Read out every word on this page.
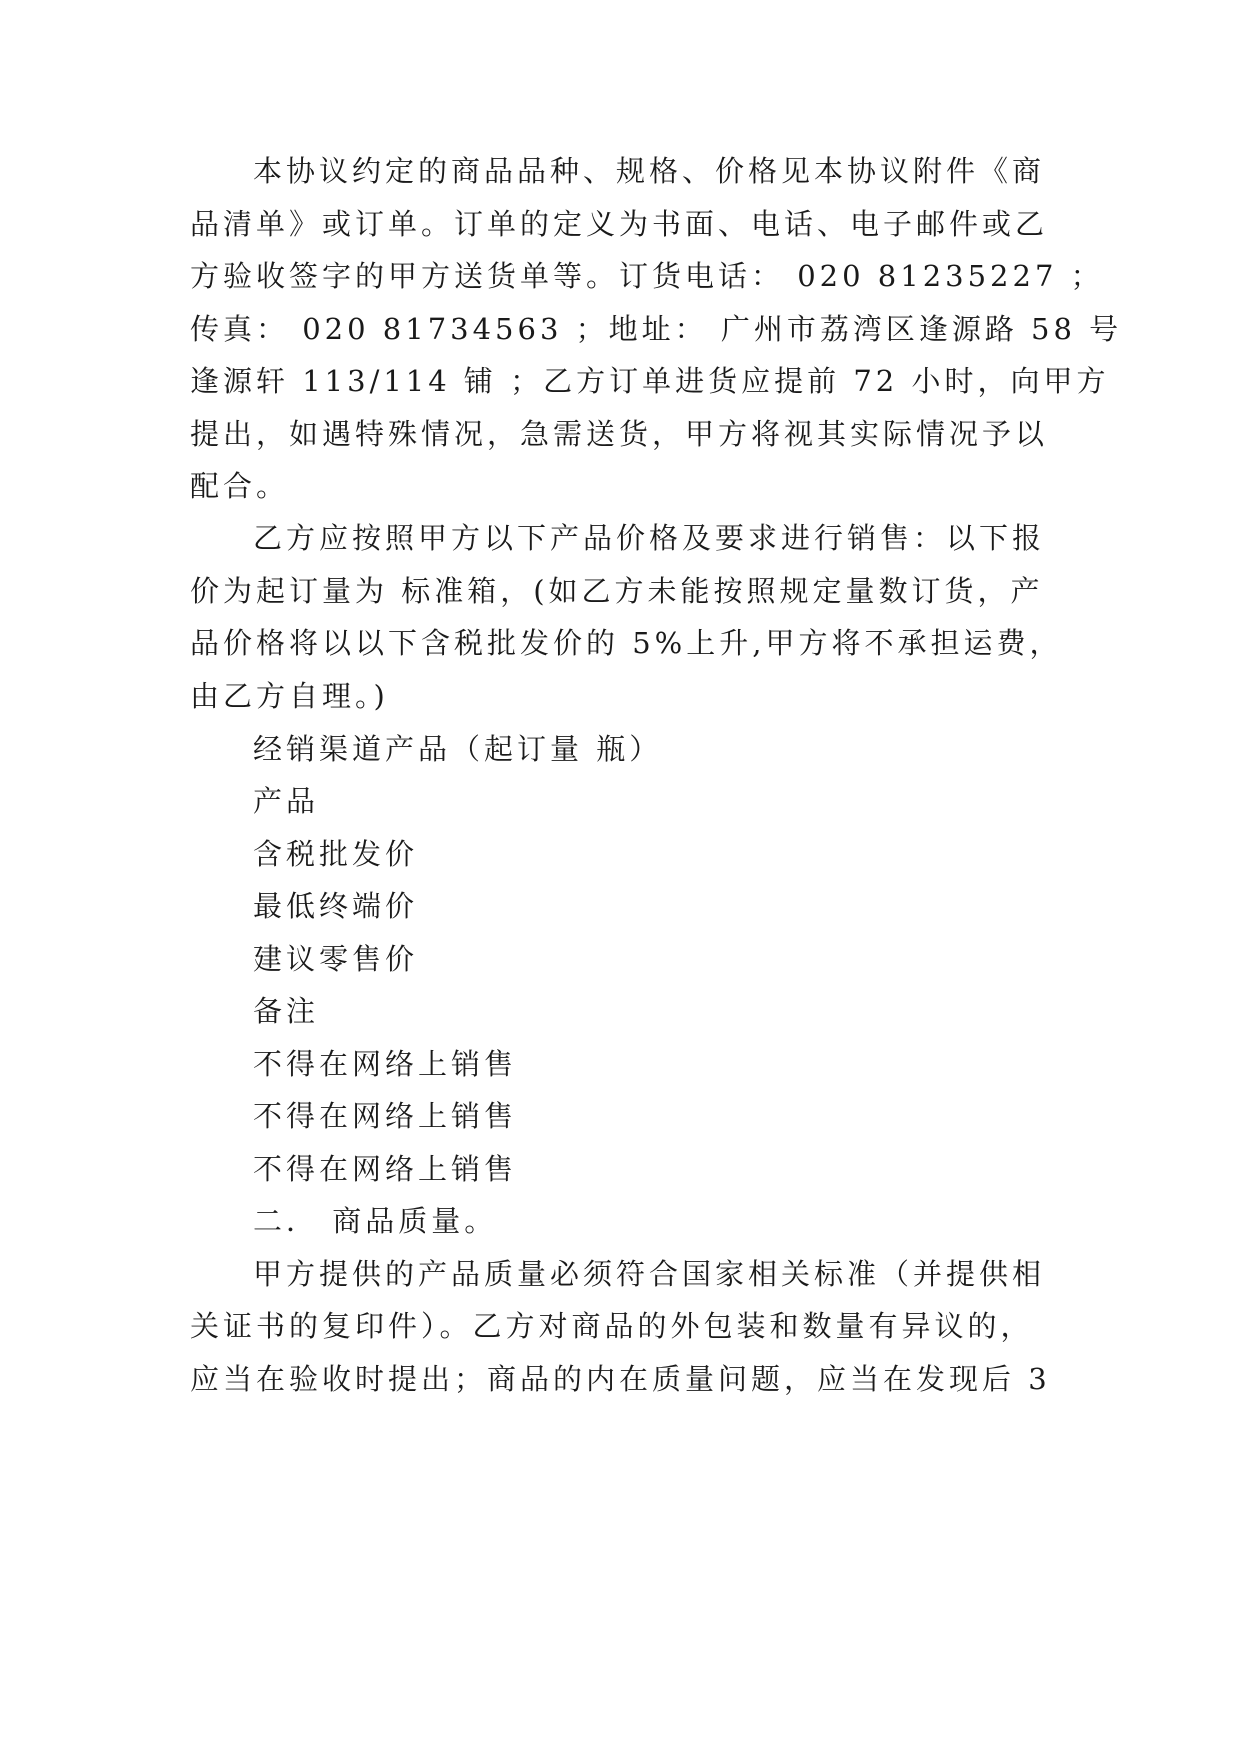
本协议约定的商品品种、规格、价格见本协议附件《商
品清单》或订单。订单的定义为书面、电话、电子邮件或乙
方验收签字的甲方送货单等。订货电话： 020 81235227 ；
传真： 020 81734563 ；地址： 广州市荔湾区逢源路 58 号
逢源轩 113/114 铺 ；乙方订单进货应提前 72 小时，向甲方
提出，如遇特殊情况，急需送货，甲方将视其实际情况予以
配合。
乙方应按照甲方以下产品价格及要求进行销售：以下报
价为起订量为 标准箱，(如乙方未能按照规定量数订货，产
品价格将以以下含税批发价的 5%上升,甲方将不承担运费，
由乙方自理。)
经销渠道产品（起订量 瓶）
产品
含税批发价
最低终端价
建议零售价
备注
不得在网络上销售
不得在网络上销售
不得在网络上销售
二． 商品质量。
甲方提供的产品质量必须符合国家相关标准（并提供相
关证书的复印件）。乙方对商品的外包装和数量有异议的，
应当在验收时提出；商品的内在质量问题，应当在发现后 3
